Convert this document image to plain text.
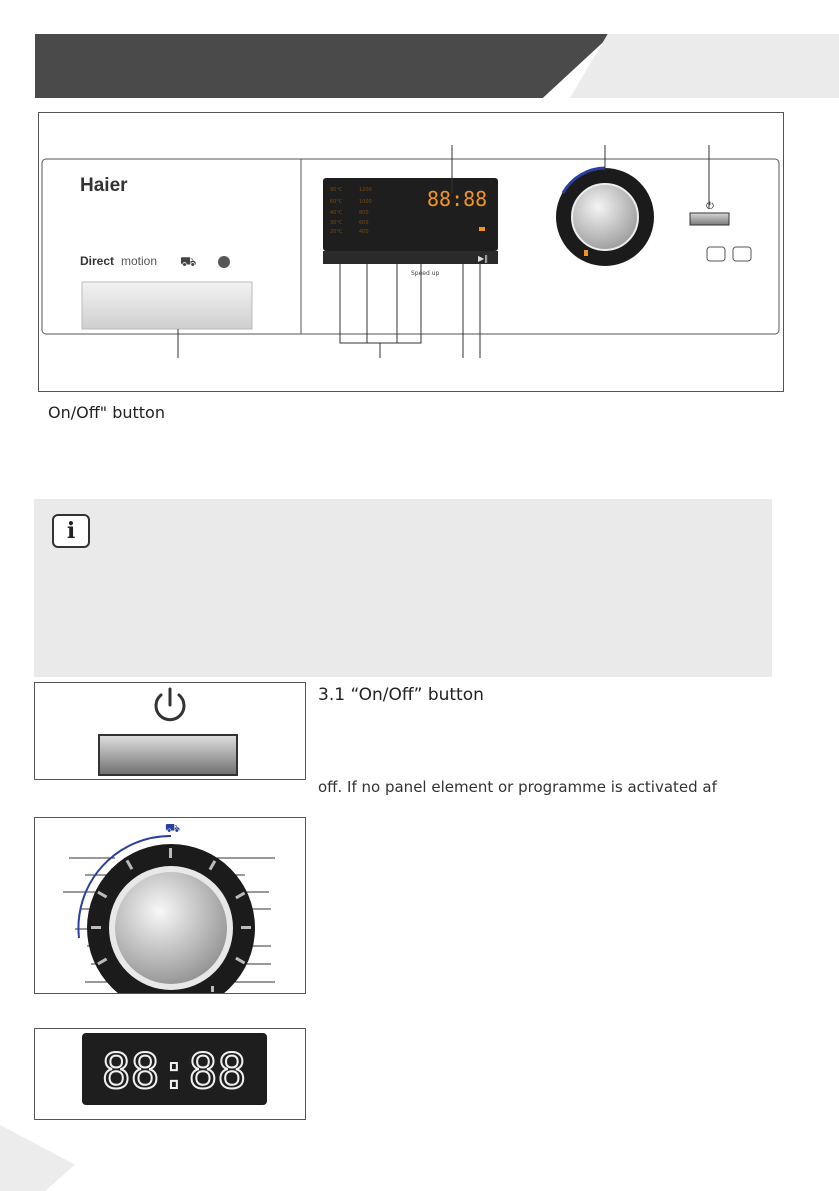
Haier
Direct motion ⛟
88:88
90°C
60°C
40°C
30°C
20°C
1200
1000
800
600
400
Speed up
▶‖
⏻
On/Off" button
i
3.1 “On/Off” button
off. If no panel element or programme is activated af
⛟
88:88
